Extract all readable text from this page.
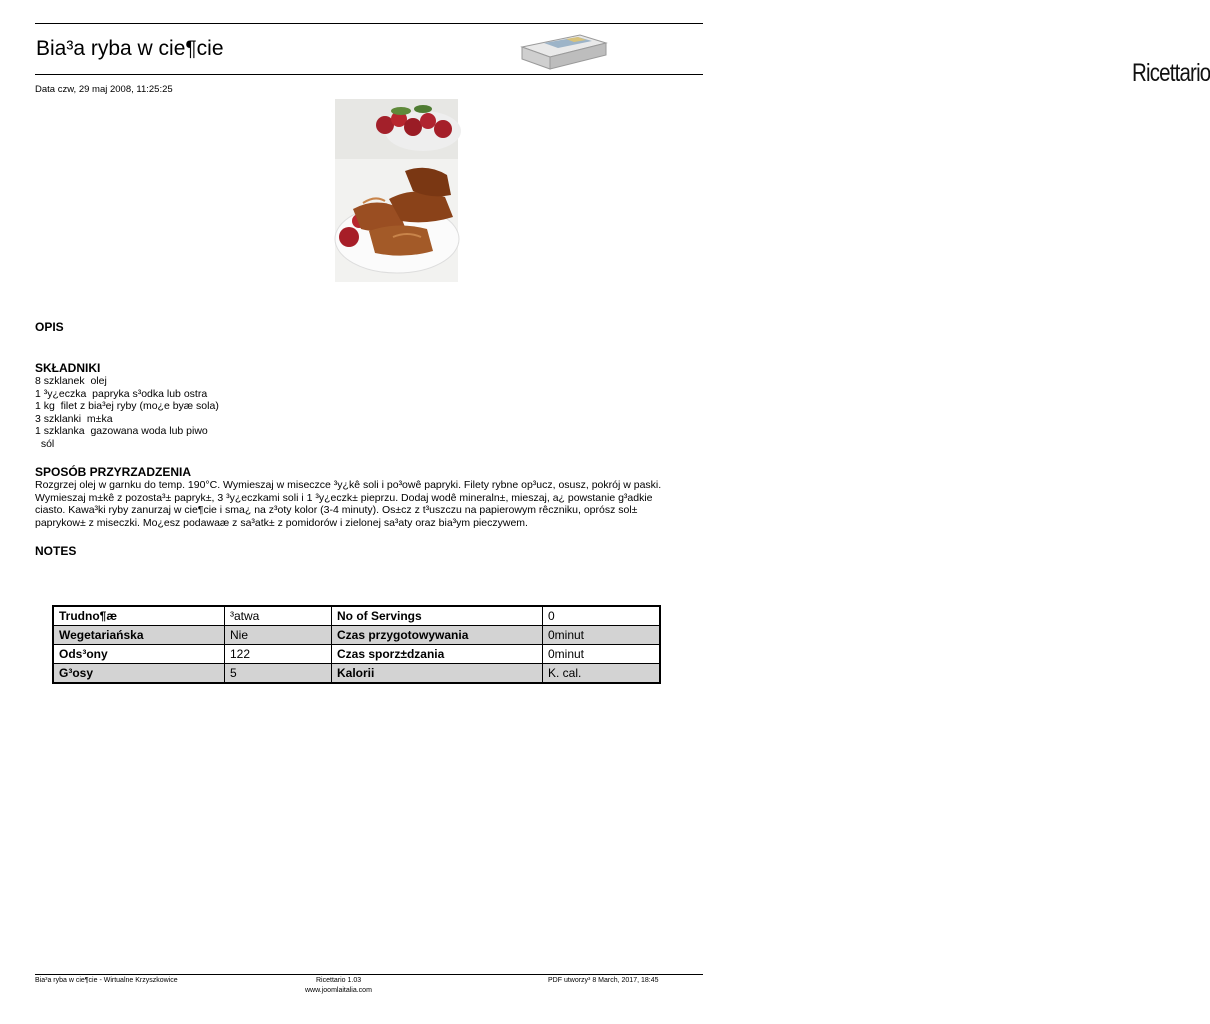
Bia³a ryba w cie¶cie
Ricettario
Data czw, 29 maj 2008, 11:25:25
OPIS
SKŁADNIKI
8 szklanek  olej
1 ³y¿eczka  papryka s³odka lub ostra
1 kg  filet z bia³ej ryby (mo¿e byæ sola)
3 szklanki  m±ka
1 szklanka  gazowana woda lub piwo
sól
SPOSÓB PRZYRZADZENIA
Rozgrzej olej w garnku do temp. 190°C. Wymieszaj w miseczce ³y¿kê soli i po³owê papryki. Filety rybne op³ucz, osusz, pokrój w paski. Wymieszaj m±kê z pozosta³± papryk±, 3 ³y¿eczkami soli i 1 ³y¿eczk± pieprzu. Dodaj wodê mineraln±, mieszaj, a¿ powstanie g³adkie ciasto. Kawa³ki ryby zanurzaj w cie¶cie i sma¿ na z³oty kolor (3-4 minuty). Os±cz z t³uszczu na papierowym rêczniku, oprósz sol± paprykow± z miseczki. Mo¿esz podawaæ z sa³atk± z pomidorów i zielonej sa³aty oraz bia³ym pieczywem.
NOTES
Trudno¶æ	³atwa	No of Servings	0
Wegetariańska	Nie	Czas przygotowywania	0minut
Ods³ony	122	Czas sporz±dzania	0minut
G³osy	5	Kalorii	K. cal.
Bia³a ryba w cie¶cie - Wirtualne Krzyszkowice	Ricettario 1.03	PDF utworzy³ 8 March, 2017, 18:45
www.joomlaitalia.com
